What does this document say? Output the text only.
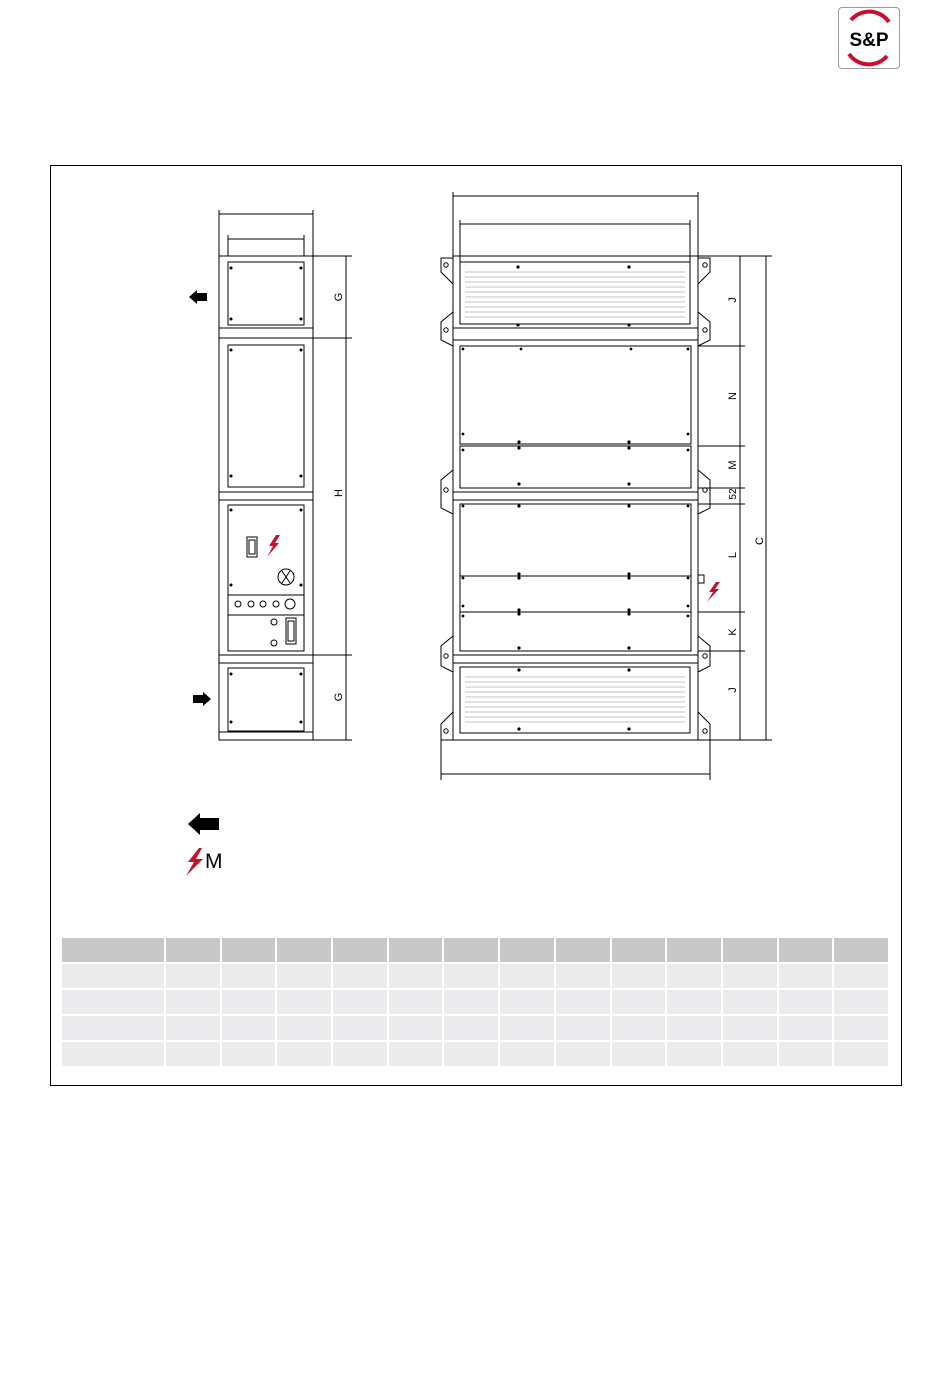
S&P
G
H
G
J
N
M
52
L
K
J
C
M
